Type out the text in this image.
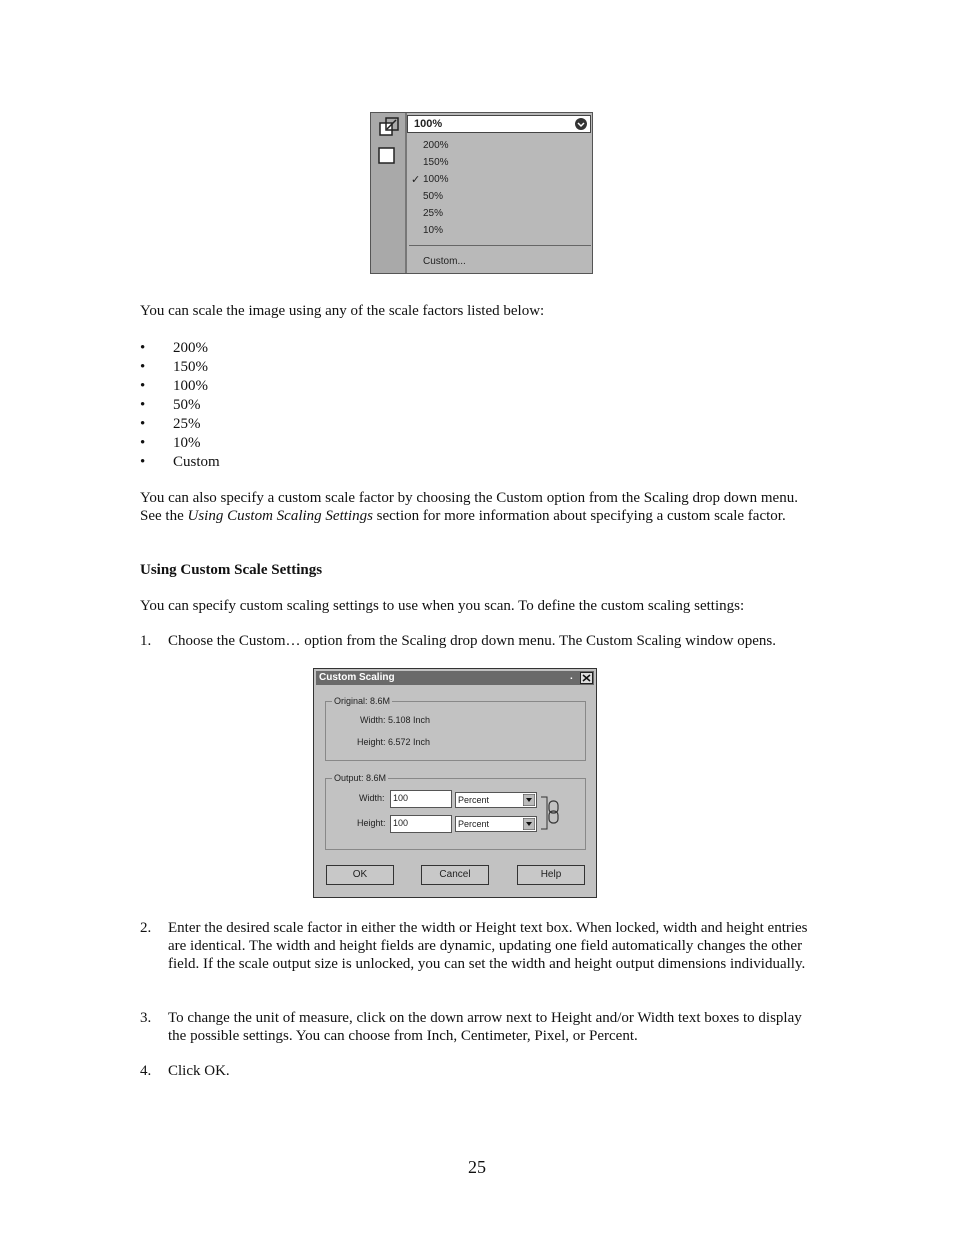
100%
200%
150%
✓ 100%
50%
25%
10%
Custom...

You can scale the image using any of the scale factors listed below:

•	200%
•	150%
•	100%
•	50%
•	25%
•	10%
•	Custom

You can also specify a custom scale factor by choosing the Custom option from the Scaling drop down menu. See the Using Custom Scaling Settings section for more information about specifying a custom scale factor.

Using Custom Scale Settings

You can specify custom scaling settings to use when you scan. To define the custom scaling settings:

1. Choose the Custom… option from the Scaling drop down menu. The Custom Scaling window opens.
Custom Scaling	.
Original: 8.6M
Width: 5.108 Inch
Height: 6.572 Inch
Output: 8.6M
Width: 100	Percent
Height: 100	Percent
OK	Cancel	Help
2. Enter the desired scale factor in either the width or Height text box. When locked, width and height entries are identical. The width and height fields are dynamic, updating one field automatically changes the other field. If the scale output size is unlocked, you can set the width and height output dimensions individually.
3. To change the unit of measure, click on the down arrow next to Height and/or Width text boxes to display the possible settings. You can choose from Inch, Centimeter, Pixel, or Percent.
4. Click OK.
25
